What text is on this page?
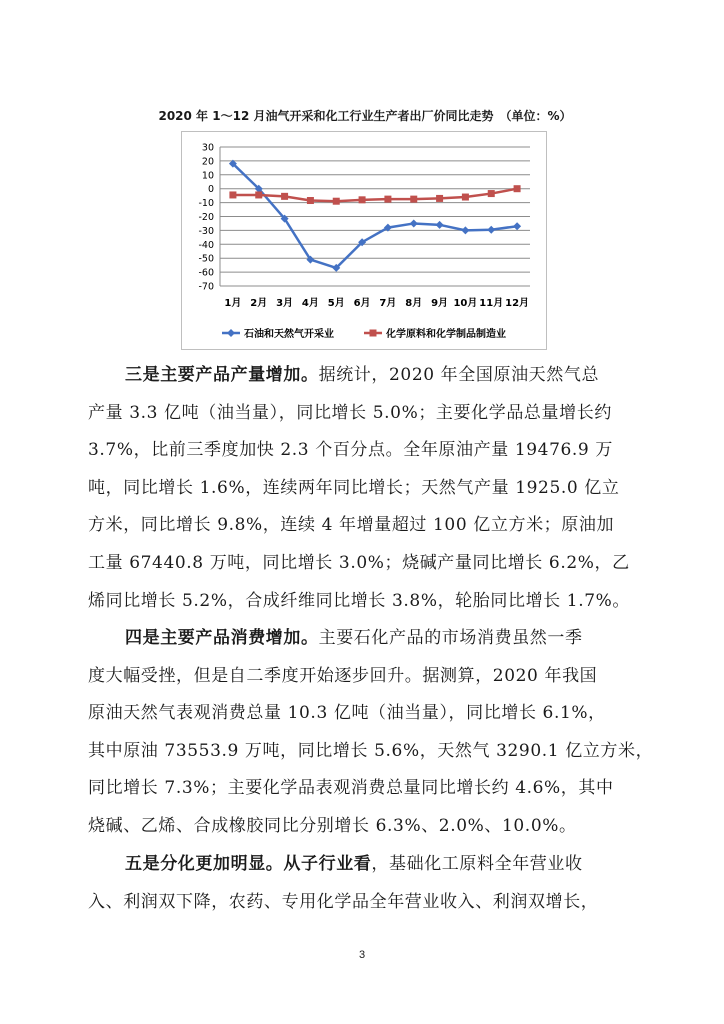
2020 年 1～12 月油气开采和化工行业生产者出厂价同比走势　（单位：%）
30
20
10
0
-10
-20
-30
-40
-50
-60
-70
1月 2月 3月 4月 5月 6月 7月 8月 9月 10月 11月 12月
石油和天然气开采业	化学原料和化学制品制造业
三是主要产品产量增加。据统计，2020 年全国原油天然气总
产量 3.3 亿吨（油当量），同比增长 5.0%；主要化学品总量增长约
3.7%，比前三季度加快 2.3 个百分点。全年原油产量 19476.9 万
吨，同比增长 1.6%，连续两年同比增长；天然气产量 1925.0 亿立
方米，同比增长 9.8%，连续 4 年增量超过 100 亿立方米；原油加
工量 67440.8 万吨，同比增长 3.0%；烧碱产量同比增长 6.2%，乙
烯同比增长 5.2%，合成纤维同比增长 3.8%，轮胎同比增长 1.7%。
四是主要产品消费增加。主要石化产品的市场消费虽然一季
度大幅受挫，但是自二季度开始逐步回升。据测算，2020 年我国
原油天然气表观消费总量 10.3 亿吨（油当量），同比增长 6.1%，
其中原油 73553.9 万吨，同比增长 5.6%，天然气 3290.1 亿立方米，
同比增长 7.3%；主要化学品表观消费总量同比增长约 4.6%，其中
烧碱、乙烯、合成橡胶同比分别增长 6.3%、2.0%、10.0%。
五是分化更加明显。从子行业看，基础化工原料全年营业收
入、利润双下降，农药、专用化学品全年营业收入、利润双增长，
3
